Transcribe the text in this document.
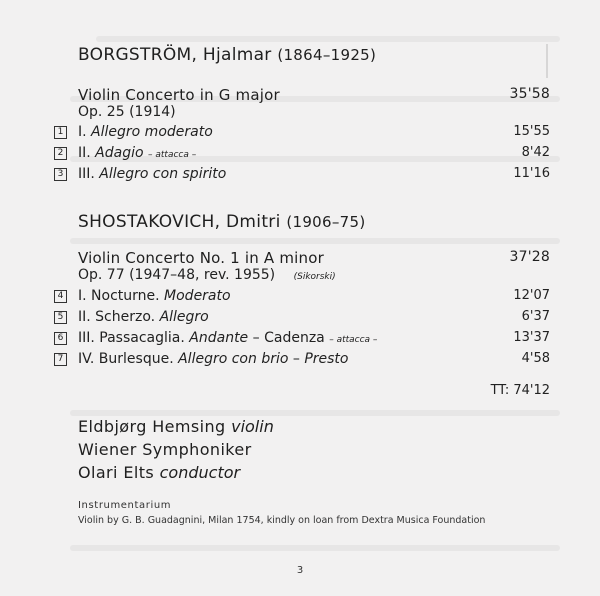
BORGSTRÖM, Hjalmar (1864–1925)
Violin Concerto in G major	35'58
Op. 25 (1914)
1 I. Allegro moderato	15'55
2 II. Adagio – attacca –	8'42
3 III. Allegro con spirito	11'16
SHOSTAKOVICH, Dmitri (1906–75)
Violin Concerto No. 1 in A minor	37'28
Op. 77 (1947–48, rev. 1955) (Sikorski)
4 I. Nocturne. Moderato	12'07
5 II. Scherzo. Allegro	6'37
6 III. Passacaglia. Andante – Cadenza – attacca –	13'37
7 IV. Burlesque. Allegro con brio – Presto	4'58
TT: 74'12
Eldbjørg Hemsing violin
Wiener Symphoniker
Olari Elts conductor
Instrumentarium
Violin by G. B. Guadagnini, Milan 1754, kindly on loan from Dextra Musica Foundation
3
